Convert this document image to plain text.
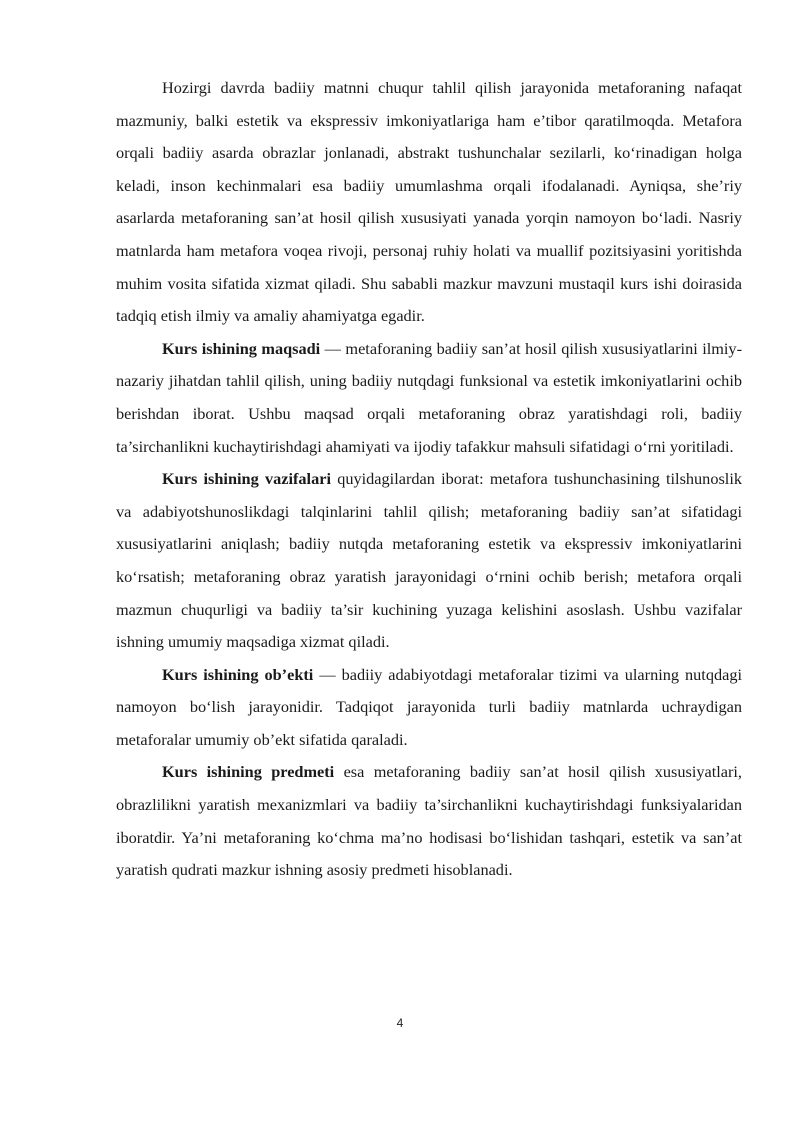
Hozirgi davrda badiiy matnni chuqur tahlil qilish jarayonida metaforaning nafaqat mazmuniy, balki estetik va ekspressiv imkoniyatlariga ham e’tibor qaratilmoqda. Metafora orqali badiiy asarda obrazlar jonlanadi, abstrakt tushunchalar sezilarli, ko‘rinadigan holga keladi, inson kechinmalari esa badiiy umumlashma orqali ifodalanadi. Ayniqsa, she’riy asarlarda metaforaning san’at hosil qilish xususiyati yanada yorqin namoyon bo‘ladi. Nasriy matnlarda ham metafora voqea rivoji, personaj ruhiy holati va muallif pozitsiyasini yoritishda muhim vosita sifatida xizmat qiladi. Shu sababli mazkur mavzuni mustaqil kurs ishi doirasida tadqiq etish ilmiy va amaliy ahamiyatga egadir.

Kurs ishining maqsadi — metaforaning badiiy san’at hosil qilish xususiyatlarini ilmiy-nazariy jihatdan tahlil qilish, uning badiiy nutqdagi funksional va estetik imkoniyatlarini ochib berishdan iborat. Ushbu maqsad orqali metaforaning obraz yaratishdagi roli, badiiy ta’sirchanlikni kuchaytirishdagi ahamiyati va ijodiy tafakkur mahsuli sifatidagi o‘rni yoritiladi.

Kurs ishining vazifalari quyidagilardan iborat: metafora tushunchasining tilshunoslik va adabiyotshunoslikdagi talqinlarini tahlil qilish; metaforaning badiiy san’at sifatidagi xususiyatlarini aniqlash; badiiy nutqda metaforaning estetik va ekspressiv imkoniyatlarini ko‘rsatish; metaforaning obraz yaratish jarayonidagi o‘rnini ochib berish; metafora orqali mazmun chuqurligi va badiiy ta’sir kuchining yuzaga kelishini asoslash. Ushbu vazifalar ishning umumiy maqsadiga xizmat qiladi.

Kurs ishining ob’ekti — badiiy adabiyotdagi metaforalar tizimi va ularning nutqdagi namoyon bo‘lish jarayonidir. Tadqiqot jarayonida turli badiiy matnlarda uchraydigan metaforalar umumiy ob’ekt sifatida qaraladi.

Kurs ishining predmeti esa metaforaning badiiy san’at hosil qilish xususiyatlari, obrazlilikni yaratish mexanizmlari va badiiy ta’sirchanlikni kuchaytirishdagi funksiyalaridan iboratdir. Ya’ni metaforaning ko‘chma ma’no hodisasi bo‘lishidan tashqari, estetik va san’at yaratish qudrati mazkur ishning asosiy predmeti hisoblanadi.

4
